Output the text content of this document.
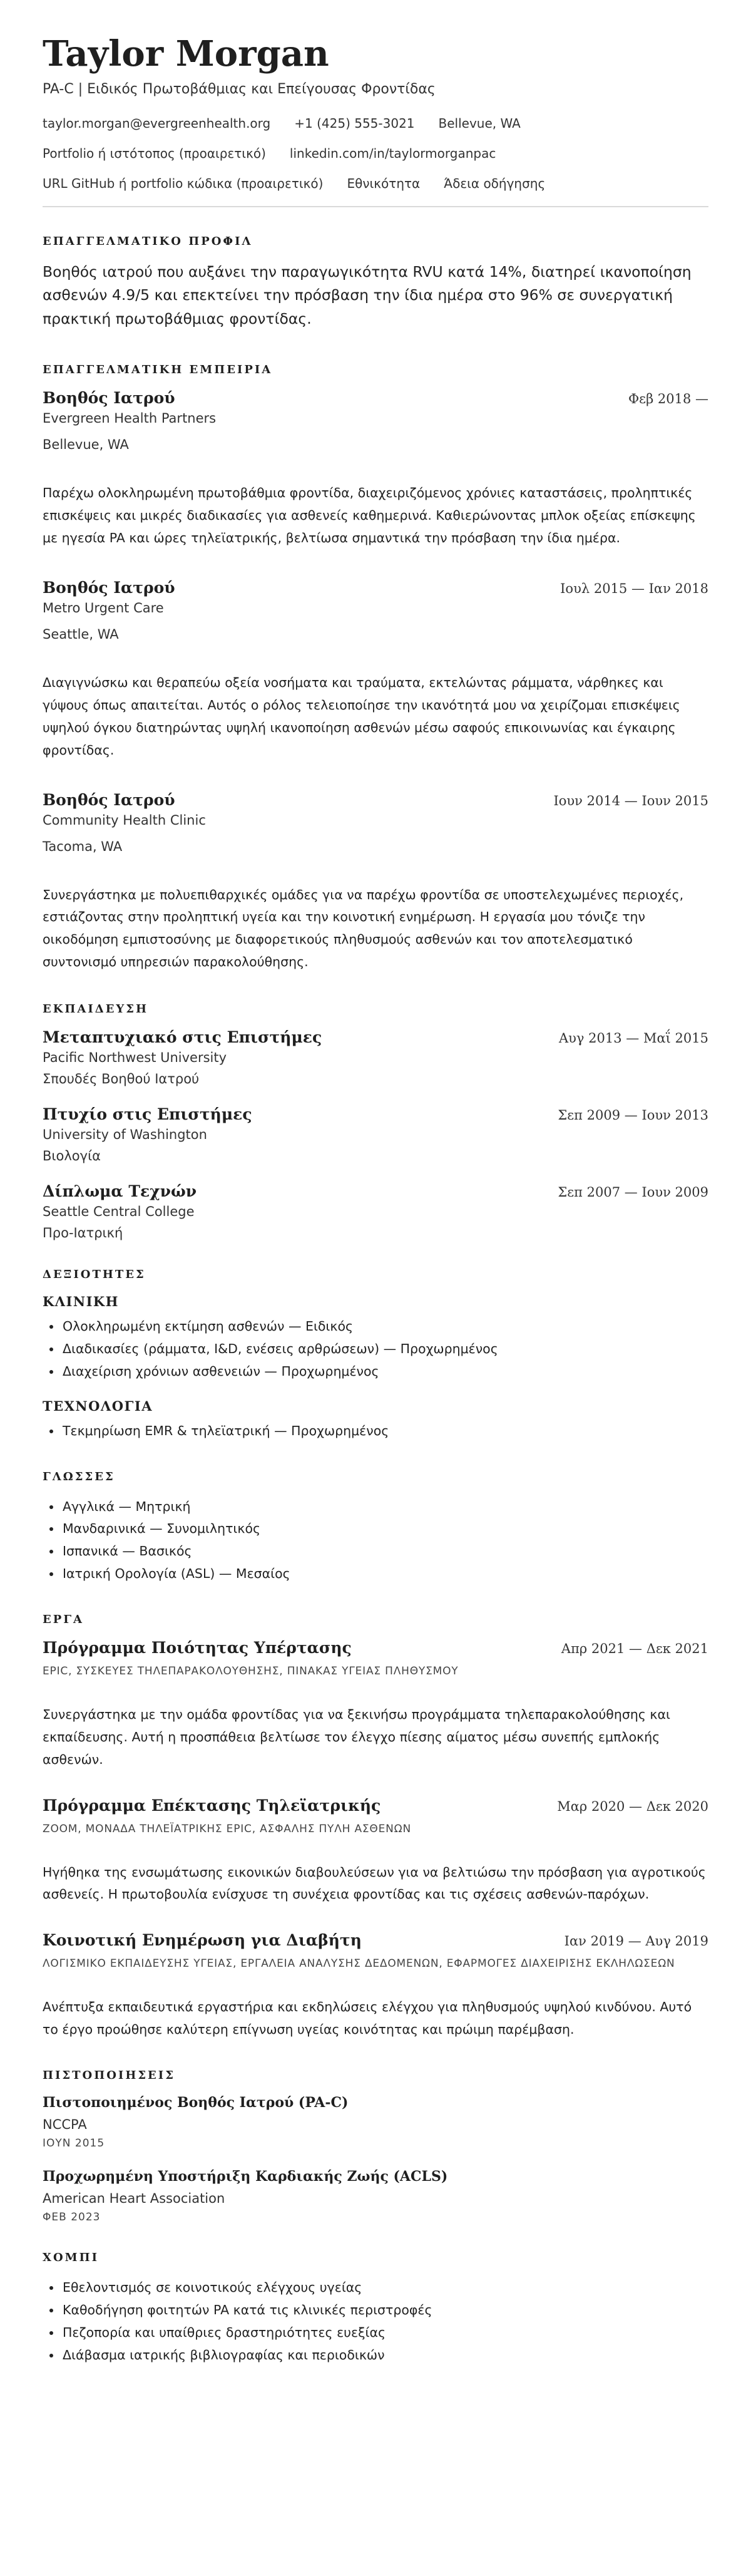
Taylor Morgan
PA-C | Ειδικός Πρωτοβάθμιας και Επείγουσας Φροντίδας
taylor.morgan@evergreenhealth.org +1 (425) 555-3021 Bellevue, WA
Portfolio ή ιστότοπος (προαιρετικό) linkedin.com/in/taylormorganpac
URL GitHub ή portfolio κώδικα (προαιρετικό) Εθνικότητα Άδεια οδήγησης
ΕΠΑΓΓΕΛΜΑΤΙΚΟ ΠΡΟΦΙΛ
Βοηθός ιατρού που αυξάνει την παραγωγικότητα RVU κατά 14%, διατηρεί ικανοποίηση ασθενών 4.9/5 και επεκτείνει την πρόσβαση την ίδια ημέρα στο 96% σε συνεργατική πρακτική πρωτοβάθμιας φροντίδας.
ΕΠΑΓΓΕΛΜΑΤΙΚΗ ΕΜΠΕΙΡΙΑ
Βοηθός Ιατρού	Φεβ 2018 —
Evergreen Health Partners
Bellevue, WA
Παρέχω ολοκληρωμένη πρωτοβάθμια φροντίδα, διαχειριζόμενος χρόνιες καταστάσεις, προληπτικές επισκέψεις και μικρές διαδικασίες για ασθενείς καθημερινά. Καθιερώνοντας μπλοκ οξείας επίσκεψης με ηγεσία PA και ώρες τηλεϊατρικής, βελτίωσα σημαντικά την πρόσβαση την ίδια ημέρα.
Βοηθός Ιατρού	Ιουλ 2015 — Ιαν 2018
Metro Urgent Care
Seattle, WA
Διαγιγνώσκω και θεραπεύω οξεία νοσήματα και τραύματα, εκτελώντας ράμματα, νάρθηκες και γύψους όπως απαιτείται. Αυτός ο ρόλος τελειοποίησε την ικανότητά μου να χειρίζομαι επισκέψεις υψηλού όγκου διατηρώντας υψηλή ικανοποίηση ασθενών μέσω σαφούς επικοινωνίας και έγκαιρης φροντίδας.
Βοηθός Ιατρού	Ιουν 2014 — Ιουν 2015
Community Health Clinic
Tacoma, WA
Συνεργάστηκα με πολυεπιθαρχικές ομάδες για να παρέχω φροντίδα σε υποστελεχωμένες περιοχές, εστιάζοντας στην προληπτική υγεία και την κοινοτική ενημέρωση. Η εργασία μου τόνιζε την οικοδόμηση εμπιστοσύνης με διαφορετικούς πληθυσμούς ασθενών και τον αποτελεσματικό συντονισμό υπηρεσιών παρακολούθησης.
ΕΚΠΑΙΔΕΥΣΗ
Μεταπτυχιακό στις Επιστήμες	Αυγ 2013 — Μαΐ 2015
Pacific Northwest University
Σπουδές Βοηθού Ιατρού
Πτυχίο στις Επιστήμες	Σεπ 2009 — Ιουν 2013
University of Washington
Βιολογία
Δίπλωμα Τεχνών	Σεπ 2007 — Ιουν 2009
Seattle Central College
Προ-Ιατρική
ΔΕΞΙΟΤΗΤΕΣ
ΚΛΙΝΙΚΗ
• Ολοκληρωμένη εκτίμηση ασθενών — Ειδικός
• Διαδικασίες (ράμματα, I&D, ενέσεις αρθρώσεων) — Προχωρημένος
• Διαχείριση χρόνιων ασθενειών — Προχωρημένος
ΤΕΧΝΟΛΟΓΙΑ
• Τεκμηρίωση EMR & τηλεϊατρική — Προχωρημένος
ΓΛΩΣΣΕΣ
• Αγγλικά — Μητρική
• Μανδαρινικά — Συνομιλητικός
• Ισπανικά — Βασικός
• Ιατρική Ορολογία (ASL) — Μεσαίος
ΕΡΓΑ
Πρόγραμμα Ποιότητας Υπέρτασης	Απρ 2021 — Δεκ 2021
EPIC, ΣΥΣΚΕΥΕΣ ΤΗΛΕΠΑΡΑΚΟΛΟΥΘΗΣΗΣ, ΠΙΝΑΚΑΣ ΥΓΕΙΑΣ ΠΛΗΘΥΣΜΟΥ
Συνεργάστηκα με την ομάδα φροντίδας για να ξεκινήσω προγράμματα τηλεπαρακολούθησης και εκπαίδευσης. Αυτή η προσπάθεια βελτίωσε τον έλεγχο πίεσης αίματος μέσω συνεπής εμπλοκής ασθενών.
Πρόγραμμα Επέκτασης Τηλεϊατρικής	Μαρ 2020 — Δεκ 2020
ZOOM, ΜΟΝΑΔΑ ΤΗΛΕΪΑΤΡΙΚΗΣ EPIC, ΑΣΦΑΛΗΣ ΠΥΛΗ ΑΣΘΕΝΩΝ
Ηγήθηκα της ενσωμάτωσης εικονικών διαβουλεύσεων για να βελτιώσω την πρόσβαση για αγροτικούς ασθενείς. Η πρωτοβουλία ενίσχυσε τη συνέχεια φροντίδας και τις σχέσεις ασθενών-παρόχων.
Κοινοτική Ενημέρωση για Διαβήτη	Ιαν 2019 — Αυγ 2019
ΛΟΓΙΣΜΙΚΟ ΕΚΠΑΙΔΕΥΣΗΣ ΥΓΕΙΑΣ, ΕΡΓΑΛΕΙΑ ΑΝΑΛΥΣΗΣ ΔΕΔΟΜΕΝΩΝ, ΕΦΑΡΜΟΓΕΣ ΔΙΑΧΕΙΡΙΣΗΣ ΕΚΛΗΛΩΣΕΩΝ
Ανέπτυξα εκπαιδευτικά εργαστήρια και εκδηλώσεις ελέγχου για πληθυσμούς υψηλού κινδύνου. Αυτό το έργο προώθησε καλύτερη επίγνωση υγείας κοινότητας και πρώιμη παρέμβαση.
ΠΙΣΤΟΠΟΙΗΣΕΙΣ
Πιστοποιημένος Βοηθός Ιατρού (PA-C)
NCCPA
ΙΟΥΝ 2015
Προχωρημένη Υποστήριξη Καρδιακής Ζωής (ACLS)
American Heart Association
ΦΕΒ 2023
ΧΟΜΠΙ
• Εθελοντισμός σε κοινοτικούς ελέγχους υγείας
• Καθοδήγηση φοιτητών PA κατά τις κλινικές περιστροφές
• Πεζοπορία και υπαίθριες δραστηριότητες ευεξίας
• Διάβασμα ιατρικής βιβλιογραφίας και περιοδικών
